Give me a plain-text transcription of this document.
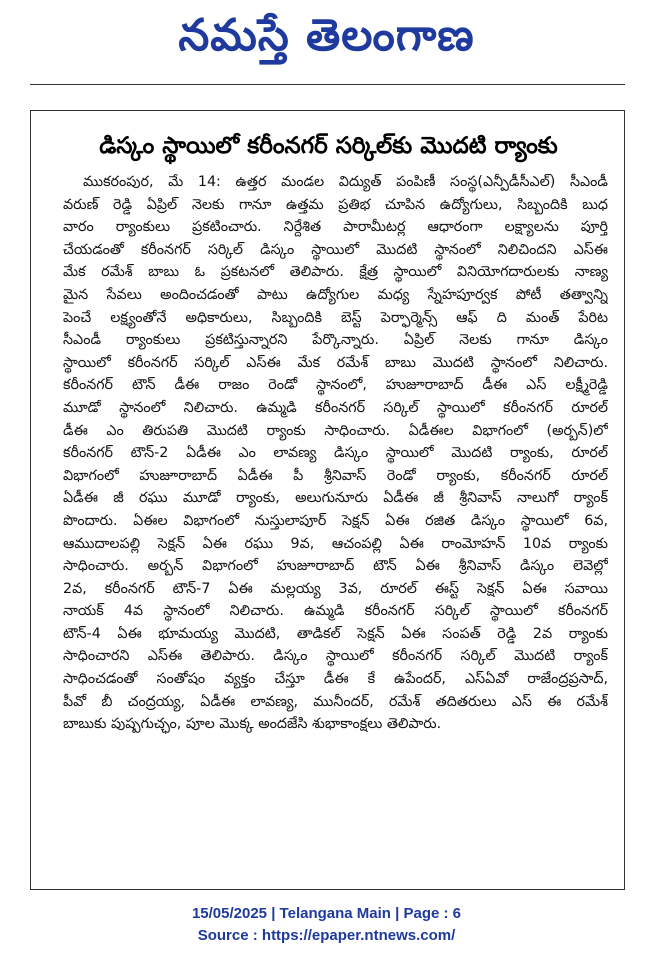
నమస్తే తెలంగాణ
డిస్కం స్థాయిలో కరీంనగర్ సర్కిల్‌కు మొదటి ర్యాంకు
ముకరంపుర, మే 14: ఉత్తర మండల విద్యుత్ పంపిణీ సంస్థ(ఎన్పీడీసీఎల్) సీఎండీ
వరుణ్ రెడ్డి ఏప్రిల్ నెలకు గానూ ఉత్తమ ప్రతిభ చూపిన ఉద్యోగులు, సిబ్బందికి బుధ
వారం ర్యాంకులు ప్రకటించారు. నిర్దేశిత పారామీటర్ల ఆధారంగా లక్ష్యాలను పూర్తి
చేయడంతో కరీంనగర్ సర్కిల్ డిస్కం స్థాయిలో మొదటి స్థానంలో నిలిచిందని ఎస్ఈ
మేక రమేశ్ బాబు ఓ ప్రకటనలో తెలిపారు. క్షేత్ర స్థాయిలో వినియోగదారులకు నాణ్య
మైన సేవలు అందించడంతో పాటు ఉద్యోగుల మధ్య స్నేహపూర్వక పోటీ తత్వాన్ని
పెంచే లక్ష్యంతోనే అధికారులు, సిబ్బందికి బెస్ట్ పెర్ఫార్మెన్స్ ఆఫ్ ది మంత్ పేరిట
సీఎండీ ర్యాంకులు ప్రకటిస్తున్నారని పేర్కొన్నారు. ఏప్రిల్ నెలకు గానూ డిస్కం
స్థాయిలో కరీంనగర్ సర్కిల్ ఎస్ఈ మేక రమేశ్ బాబు మొదటి స్థానంలో నిలిచారు.
కరీంనగర్ టౌన్ డీఈ రాజం రెండో స్థానంలో, హుజూరాబాద్ డీఈ ఎస్ లక్ష్మీరెడ్డి
మూడో స్థానంలో నిలిచారు. ఉమ్మడి కరీంనగర్ సర్కిల్ స్థాయిలో కరీంనగర్ రూరల్
డీఈ ఎం తిరుపతి మొదటి ర్యాంకు సాధించారు. ఏడీఈల విభాగంలో (అర్బన్)లో
కరీంనగర్ టౌన్-2 ఏడీఈ ఎం లావణ్య డిస్కం స్థాయిలో మొదటి ర్యాంకు, రూరల్
విభాగంలో హుజూరాబాద్ ఏడీఈ పీ శ్రీనివాస్ రెండో ర్యాంకు, కరీంనగర్ రూరల్
ఏడీఈ జీ రఘు మూడో ర్యాంకు, అలుగునూరు ఏడీఈ జీ శ్రీనివాస్ నాలుగో ర్యాంక్
పొందారు. ఏఈల విభాగంలో నుస్తులాపూర్ సెక్షన్ ఏఈ రజిత డిస్కం స్థాయిలో 6వ,
ఆముదాలపల్లి సెక్షన్ ఏఈ రఘు 9వ, ఆచంపల్లి ఏఈ రాంమోహన్ 10వ ర్యాంకు
సాధించారు. అర్బన్ విభాగంలో హుజూరాబాద్ టౌన్ ఏఈ శ్రీనివాస్ డిస్కం లెవెల్లో
2వ, కరీంనగర్ టౌన్-7 ఏఈ మల్లయ్య 3వ, రూరల్ ఈస్ట్ సెక్షన్ ఏఈ సవాయి
నాయక్ 4వ స్థానంలో నిలిచారు. ఉమ్మడి కరీంనగర్ సర్కిల్ స్థాయిలో కరీంనగర్
టౌన్-4 ఏఈ భూమయ్య మొదటి, తాడికల్ సెక్షన్ ఏఈ సంపత్ రెడ్డి 2వ ర్యాంకు
సాధించారని ఎస్ఈ తెలిపారు. డిస్కం స్థాయిలో కరీంనగర్ సర్కిల్ మొదటి ర్యాంక్
సాధించడంతో సంతోషం వ్యక్తం చేస్తూ డీఈ కే ఉపేందర్, ఎస్ఏవో రాజేంద్రప్రసాద్,
పీవో బీ చంద్రయ్య, ఏడీఈ లావణ్య, మునీందర్, రమేశ్ తదితరులు ఎస్ ఈ రమేశ్
బాబుకు పుష్పగుచ్ఛం, పూల మొక్క అందజేసి శుభాకాంక్షలు తెలిపారు.
15/05/2025 | Telangana Main | Page : 6
Source : https://epaper.ntnews.com/
